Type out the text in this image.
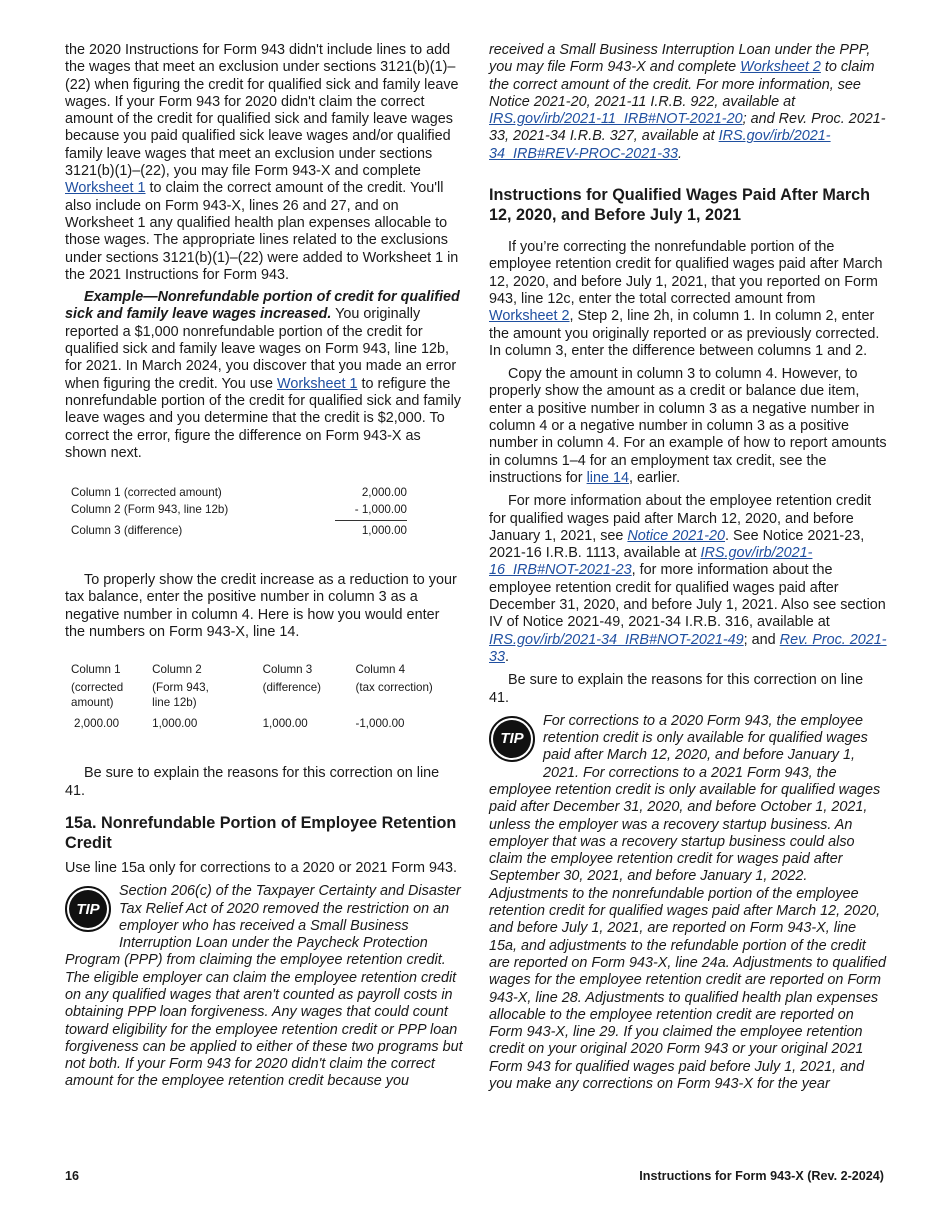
the 2020 Instructions for Form 943 didn't include lines to add the wages that meet an exclusion under sections 3121(b)(1)–(22) when figuring the credit for qualified sick and family leave wages. If your Form 943 for 2020 didn't claim the correct amount of the credit for qualified sick and family leave wages because you paid qualified sick leave wages and/or qualified family leave wages that meet an exclusion under sections 3121(b)(1)–(22), you may file Form 943-X and complete Worksheet 1 to claim the correct amount of the credit. You'll also include on Form 943-X, lines 26 and 27, and on Worksheet 1 any qualified health plan expenses allocable to those wages. The appropriate lines related to the exclusions under sections 3121(b)(1)–(22) were added to Worksheet 1 in the 2021 Instructions for Form 943.

Example—Nonrefundable portion of credit for qualified sick and family leave wages increased. You originally reported a $1,000 nonrefundable portion of the credit for qualified sick and family leave wages on Form 943, line 12b, for 2021. In March 2024, you discover that you made an error when figuring the credit. You use Worksheet 1 to refigure the nonrefundable portion of the credit for qualified sick and family leave wages and you determine that the credit is $2,000. To correct the error, figure the difference on Form 943-X as shown next.

Column 1 (corrected amount)	2,000.00
Column 2 (Form 943, line 12b)	- 1,000.00
Column 3 (difference)	1,000.00

To properly show the credit increase as a reduction to your tax balance, enter the positive number in column 3 as a negative number in column 4. Here is how you would enter the numbers on Form 943-X, line 14.

Column 1	Column 2	Column 3	Column 4
(corrected	(Form 943,	(difference)	(tax correction)
amount)	line 12b)
2,000.00	1,000.00	1,000.00	-1,000.00

Be sure to explain the reasons for this correction on line 41.

15a. Nonrefundable Portion of Employee Retention Credit

Use line 15a only for corrections to a 2020 or 2021 Form 943.

TIP
Section 206(c) of the Taxpayer Certainty and Disaster Tax Relief Act of 2020 removed the restriction on an employer who has received a Small Business Interruption Loan under the Paycheck Protection Program (PPP) from claiming the employee retention credit. The eligible employer can claim the employee retention credit on any qualified wages that aren't counted as payroll costs in obtaining PPP loan forgiveness. Any wages that could count toward eligibility for the employee retention credit or PPP loan forgiveness can be applied to either of these two programs but not both. If your Form 943 for 2020 didn't claim the correct amount for the employee retention credit because you

received a Small Business Interruption Loan under the PPP, you may file Form 943-X and complete Worksheet 2 to claim the correct amount of the credit. For more information, see Notice 2021-20, 2021-11 I.R.B. 922, available at IRS.gov/irb/2021-11_IRB#NOT-2021-20; and Rev. Proc. 2021-33, 2021-34 I.R.B. 327, available at IRS.gov/irb/2021-34_IRB#REV-PROC-2021-33.

Instructions for Qualified Wages Paid After March 12, 2020, and Before July 1, 2021

If you’re correcting the nonrefundable portion of the employee retention credit for qualified wages paid after March 12, 2020, and before July 1, 2021, that you reported on Form 943, line 12c, enter the total corrected amount from Worksheet 2, Step 2, line 2h, in column 1. In column 2, enter the amount you originally reported or as previously corrected. In column 3, enter the difference between columns 1 and 2.

Copy the amount in column 3 to column 4. However, to properly show the amount as a credit or balance due item, enter a positive number in column 3 as a negative number in column 4 or a negative number in column 3 as a positive number in column 4. For an example of how to report amounts in columns 1–4 for an employment tax credit, see the instructions for line 14, earlier.

For more information about the employee retention credit for qualified wages paid after March 12, 2020, and before January 1, 2021, see Notice 2021-20. See Notice 2021-23, 2021-16 I.R.B. 1113, available at IRS.gov/irb/2021-16_IRB#NOT-2021-23, for more information about the employee retention credit for qualified wages paid after December 31, 2020, and before July 1, 2021. Also see section IV of Notice 2021-49, 2021-34 I.R.B. 316, available at IRS.gov/irb/2021-34_IRB#NOT-2021-49; and Rev. Proc. 2021-33.

Be sure to explain the reasons for this correction on line 41.

TIP
For corrections to a 2020 Form 943, the employee retention credit is only available for qualified wages paid after March 12, 2020, and before January 1, 2021. For corrections to a 2021 Form 943, the employee retention credit is only available for qualified wages paid after December 31, 2020, and before October 1, 2021, unless the employer was a recovery startup business. An employer that was a recovery startup business could also claim the employee retention credit for wages paid after September 30, 2021, and before January 1, 2022. Adjustments to the nonrefundable portion of the employee retention credit for qualified wages paid after March 12, 2020, and before July 1, 2021, are reported on Form 943-X, line 15a, and adjustments to the refundable portion of the credit are reported on Form 943-X, line 24a. Adjustments to qualified wages for the employee retention credit are reported on Form 943-X, line 28. Adjustments to qualified health plan expenses allocable to the employee retention credit are reported on Form 943-X, line 29. If you claimed the employee retention credit on your original 2020 Form 943 or your original 2021 Form 943 for qualified wages paid before July 1, 2021, and you make any corrections on Form 943-X for the year
16	Instructions for Form 943-X (Rev. 2-2024)
